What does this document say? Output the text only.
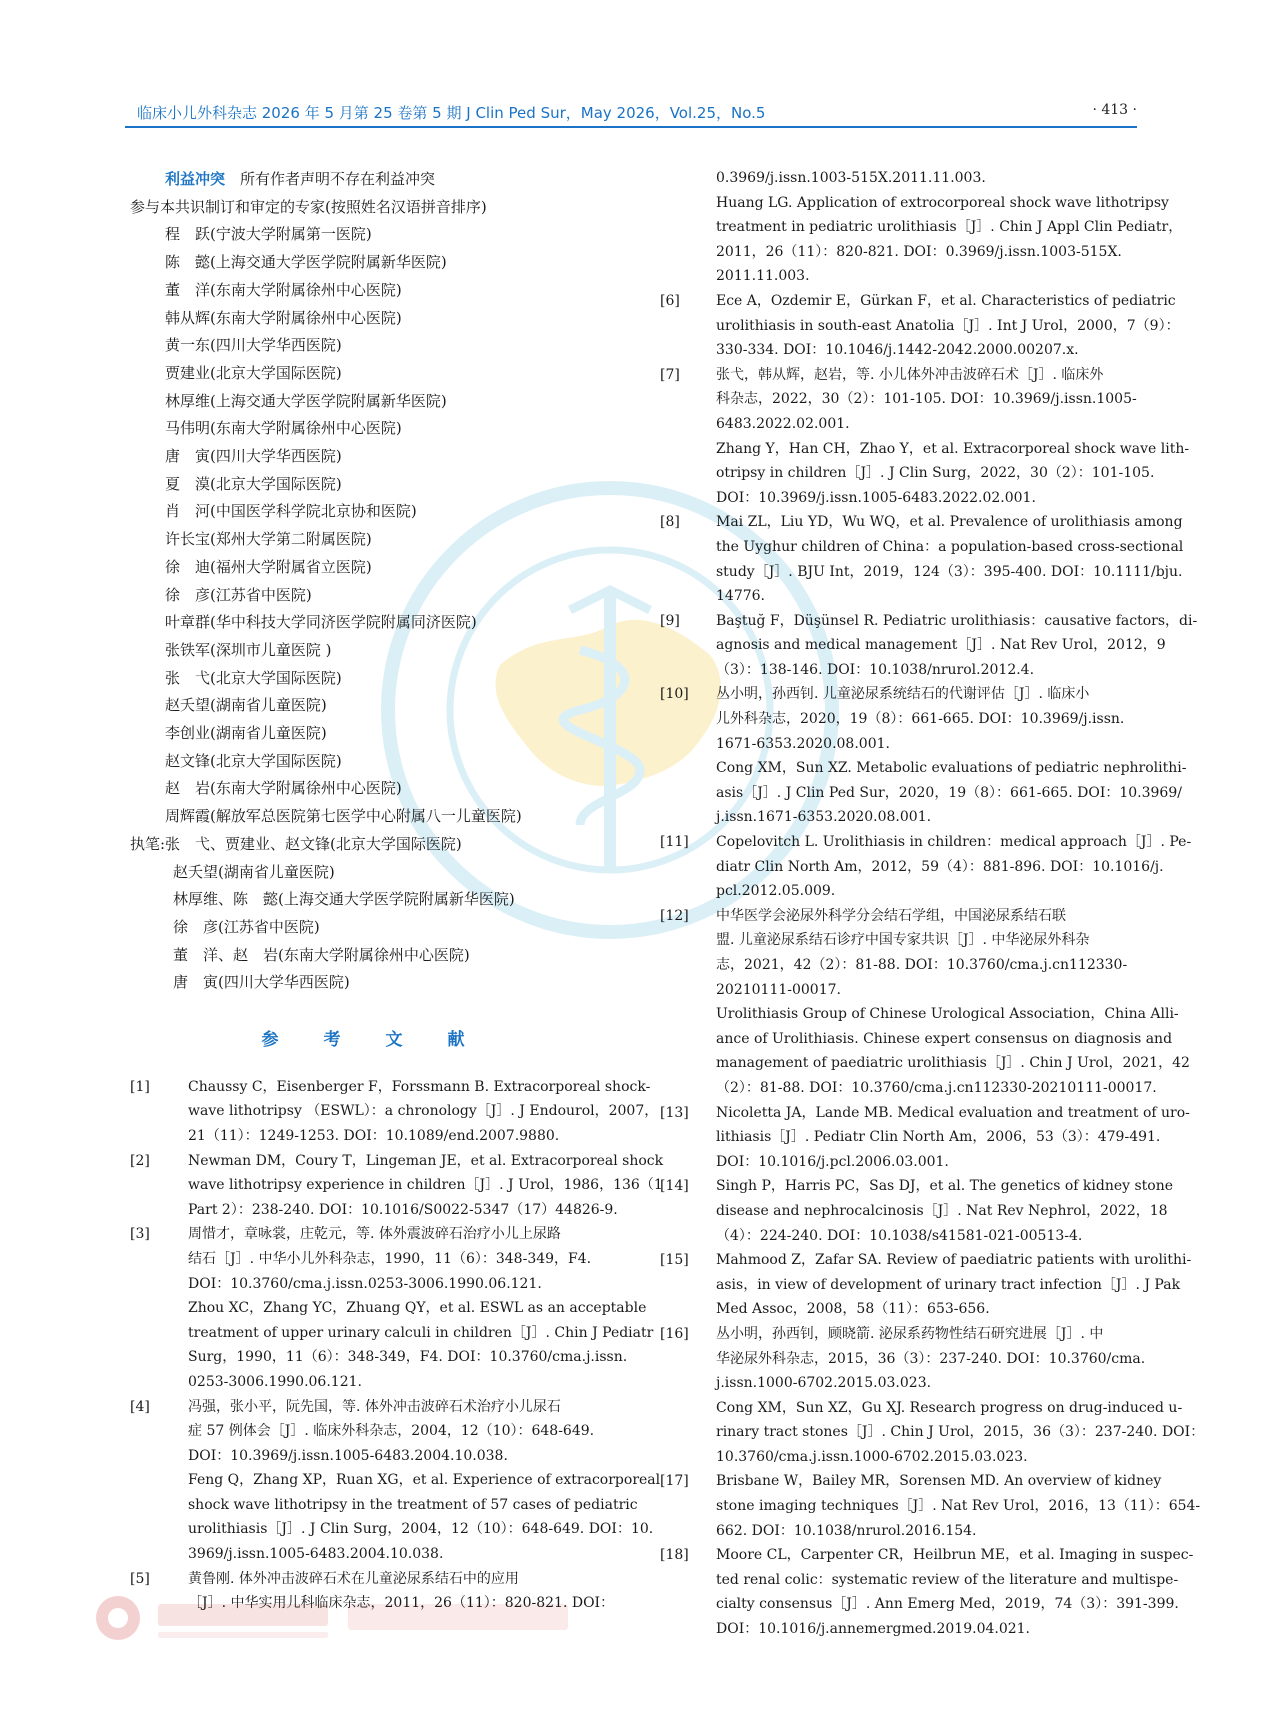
临床小儿外科杂志 2026 年 5 月第 25 卷第 5 期 J Clin Ped Sur，May 2026，Vol.25，No.5	· 413 ·

利益冲突　 所有作者声明不存在利益冲突

参与本共识制订和审定的专家(按照姓名汉语拼音排序)

程　跃(宁波大学附属第一医院)
陈　懿(上海交通大学医学院附属新华医院)
董　洋(东南大学附属徐州中心医院)
韩从辉(东南大学附属徐州中心医院)
黄一东(四川大学华西医院)
贾建业(北京大学国际医院)
林厚维(上海交通大学医学院附属新华医院)
马伟明(东南大学附属徐州中心医院)
唐　寅(四川大学华西医院)
夏　漠(北京大学国际医院)
肖　河(中国医学科学院北京协和医院)
许长宝(郑州大学第二附属医院)
徐　迪(福州大学附属省立医院)
徐　彦(江苏省中医院)
叶章群(华中科技大学同济医学院附属同济医院)
张铁军(深圳市儿童医院 )
张　弋(北京大学国际医院)
赵夭望(湖南省儿童医院)
李创业(湖南省儿童医院)
赵文锋(北京大学国际医院)
赵　岩(东南大学附属徐州中心医院)
周辉霞(解放军总医院第七医学中心附属八一儿童医院)
执笔:张　弋、贾建业、赵文锋(北京大学国际医院)
赵夭望(湖南省儿童医院)
林厚维、陈　懿(上海交通大学医学院附属新华医院)
徐　彦(江苏省中医院)
董　洋、赵　岩(东南大学附属徐州中心医院)
唐　寅(四川大学华西医院)
参　考　文　献
[1]	Chaussy C，Eisenberger F，Forssmann B. Extracorporeal shock-
wave lithotripsy （ESWL）：a chronology［J］. J Endourol，2007，
21（11）：1249-1253. DOI：10.1089/end.2007.9880.
[2]	Newman DM，Coury T，Lingeman JE，et al. Extracorporeal shock
wave lithotripsy experience in children［J］. J Urol，1986，136（1
Part 2）：238-240. DOI：10.1016/S0022-5347（17）44826-9.
[3]	周惜才，章咏裳，庄乾元，等. 体外震波碎石治疗小儿上尿路
结石［J］. 中华小儿外科杂志，1990，11（6）：348-349，F4.
DOI：10.3760/cma.j.issn.0253-3006.1990.06.121.
Zhou XC，Zhang YC，Zhuang QY，et al. ESWL as an acceptable
treatment of upper urinary calculi in children［J］. Chin J Pediatr
Surg，1990，11（6）：348-349，F4. DOI：10.3760/cma.j.issn.
0253-3006.1990.06.121.
[4]	冯强，张小平，阮先国，等. 体外冲击波碎石术治疗小儿尿石
症 57 例体会［J］. 临床外科杂志，2004，12（10）：648-649.
DOI：10.3969/j.issn.1005-6483.2004.10.038.
Feng Q，Zhang XP，Ruan XG，et al. Experience of extracorporeal
shock wave lithotripsy in the treatment of 57 cases of pediatric
urolithiasis［J］. J Clin Surg，2004，12（10）：648-649. DOI：10.
3969/j.issn.1005-6483.2004.10.038.
[5]	黄鲁刚. 体外冲击波碎石术在儿童泌尿系结石中的应用
［J］. 中华实用儿科临床杂志，2011，26（11）：820-821. DOI：
0.3969/j.issn.1003-515X.2011.11.003.
Huang LG. Application of extrocorporeal shock wave lithotripsy
treatment in pediatric urolithiasis［J］. Chin J Appl Clin Pediatr，
2011，26（11）：820-821. DOI：0.3969/j.issn.1003-515X.
2011.11.003.
[6]	Ece A，Ozdemir E，Gürkan F，et al. Characteristics of pediatric
urolithiasis in south-east Anatolia［J］. Int J Urol，2000，7（9）：
330-334. DOI：10.1046/j.1442-2042.2000.00207.x.
[7]	张弋，韩从辉，赵岩，等. 小儿体外冲击波碎石术［J］. 临床外
科杂志，2022，30（2）：101-105. DOI：10.3969/j.issn.1005-
6483.2022.02.001.
Zhang Y，Han CH，Zhao Y，et al. Extracorporeal shock wave lith-
otripsy in children［J］. J Clin Surg，2022，30（2）：101-105.
DOI：10.3969/j.issn.1005-6483.2022.02.001.
[8]	Mai ZL，Liu YD，Wu WQ，et al. Prevalence of urolithiasis among
the Uyghur children of China：a population-based cross-sectional
study［J］. BJU Int，2019，124（3）：395-400. DOI：10.1111/bju.
14776.
[9]	Baştuğ F，Düşünsel R. Pediatric urolithiasis：causative factors，di-
agnosis and medical management［J］. Nat Rev Urol，2012，9
（3）：138-146. DOI：10.1038/nrurol.2012.4.
[10] 丛小明，孙西钊. 儿童泌尿系统结石的代谢评估［J］. 临床小
儿外科杂志，2020，19（8）：661-665. DOI：10.3969/j.issn.
1671-6353.2020.08.001.
Cong XM，Sun XZ. Metabolic evaluations of pediatric nephrolithi-
asis［J］. J Clin Ped Sur，2020，19（8）：661-665. DOI：10.3969/
j.issn.1671-6353.2020.08.001.
[11] Copelovitch L. Urolithiasis in children：medical approach［J］. Pe-
diatr Clin North Am，2012，59（4）：881-896. DOI：10.1016/j.
pcl.2012.05.009.
[12] 中华医学会泌尿外科学分会结石学组，中国泌尿系结石联
盟. 儿童泌尿系结石诊疗中国专家共识［J］. 中华泌尿外科杂
志，2021，42（2）：81-88. DOI：10.3760/cma.j.cn112330-
20210111-00017.
Urolithiasis Group of Chinese Urological Association，China Alli-
ance of Urolithiasis. Chinese expert consensus on diagnosis and
management of paediatric urolithiasis［J］. Chin J Urol，2021，42
（2）：81-88. DOI：10.3760/cma.j.cn112330-20210111-00017.
[13] Nicoletta JA，Lande MB. Medical evaluation and treatment of uro-
lithiasis［J］. Pediatr Clin North Am，2006，53（3）：479-491.
DOI：10.1016/j.pcl.2006.03.001.
[14] Singh P，Harris PC，Sas DJ，et al. The genetics of kidney stone
disease and nephrocalcinosis［J］. Nat Rev Nephrol，2022，18
（4）：224-240. DOI：10.1038/s41581-021-00513-4.
[15] Mahmood Z，Zafar SA. Review of paediatric patients with urolithi-
asis，in view of development of urinary tract infection［J］. J Pak
Med Assoc，2008，58（11）：653-656.
[16] 丛小明，孙西钊，顾晓箭. 泌尿系药物性结石研究进展［J］. 中
华泌尿外科杂志，2015，36（3）：237-240. DOI：10.3760/cma.
j.issn.1000-6702.2015.03.023.
Cong XM，Sun XZ，Gu XJ. Research progress on drug-induced u-
rinary tract stones［J］. Chin J Urol，2015，36（3）：237-240. DOI：
10.3760/cma.j.issn.1000-6702.2015.03.023.
[17] Brisbane W，Bailey MR，Sorensen MD. An overview of kidney
stone imaging techniques［J］. Nat Rev Urol，2016，13（11）：654-
662. DOI：10.1038/nrurol.2016.154.
[18] Moore CL，Carpenter CR，Heilbrun ME，et al. Imaging in suspec-
ted renal colic：systematic review of the literature and multispe-
cialty consensus［J］. Ann Emerg Med，2019，74（3）：391-399.
DOI：10.1016/j.annemergmed.2019.04.021.
